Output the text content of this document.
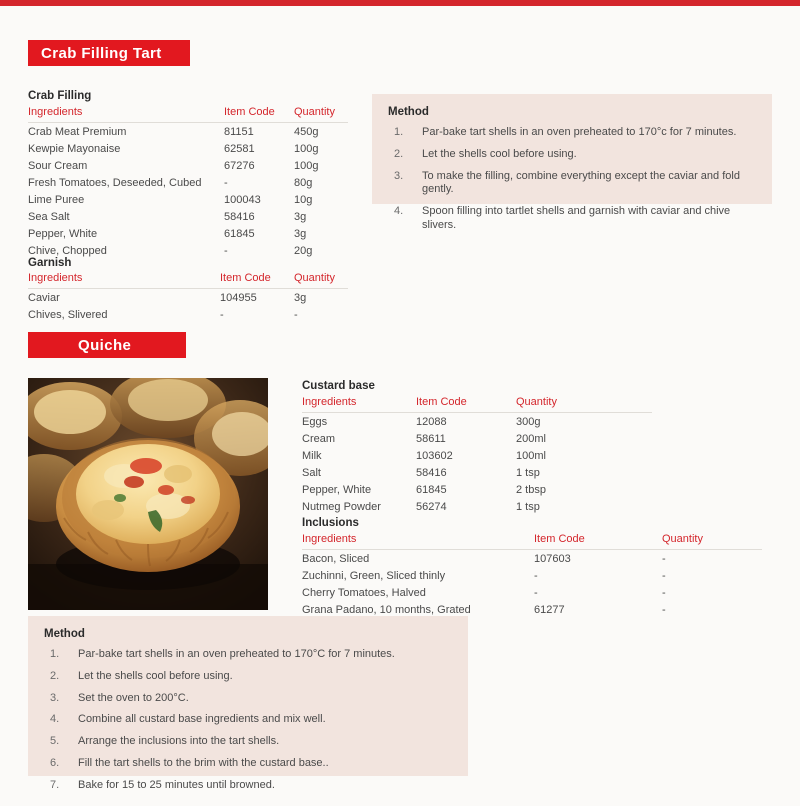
Crab Filling Tart
Crab Filling
Ingredients	Item Code	Quantity
Crab Meat Premium	81151	450g
Kewpie Mayonaise	62581	100g
Sour Cream	67276	100g
Fresh Tomatoes, Deseeded, Cubed	-	80g
Lime Puree	100043	10g
Sea Salt	58416	3g
Pepper, White	61845	3g
Chive, Chopped	-	20g
Garnish
Ingredients	Item Code	Quantity
Caviar	104955	3g
Chives, Slivered	-	-
Method
Par-bake tart shells in an oven preheated to 170°c for 7 minutes.
Let the shells cool before using.
To make the filling, combine everything except the caviar and fold gently.
Spoon filling into tartlet shells and garnish with caviar and chive slivers.
Quiche
Custard base
Ingredients	Item Code	Quantity
Eggs	12088	300g
Cream	58611	200ml
Milk	103602	100ml
Salt	58416	1 tsp
Pepper, White	61845	2 tbsp
Nutmeg Powder	56274	1 tsp
Inclusions
Ingredients	Item Code	Quantity
Bacon, Sliced	107603	-
Zuchinni, Green, Sliced thinly	-	-
Cherry Tomatoes, Halved	-	-
Grana Padano, 10 months, Grated	61277	-
Method
Par-bake tart shells in an oven preheated to 170°C for 7 minutes.
Let the shells cool before using.
Set the oven to 200°C.
Combine all custard base ingredients and mix well.
Arrange the inclusions into the tart shells.
Fill the tart shells to the brim with the custard base..
Bake for 15 to 25 minutes until browned.
